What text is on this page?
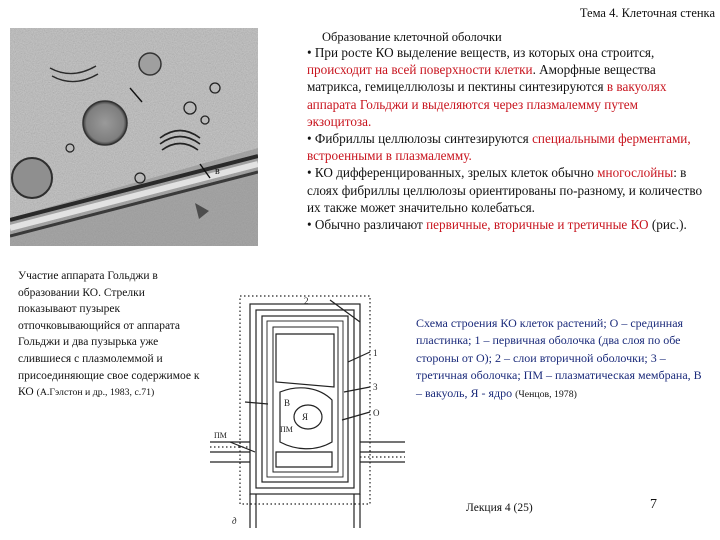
Тема 4. Клеточная стенка
Образование клеточной оболочки
в
Участие аппарата Гольджи в образовании КО. Стрелки показывают пузырек отпочковывающийся от аппарата Гольджи и два пузырька уже слившиеся с плазмолеммой и присоединяющие свое содержимое к КО (А.Гэлстон и др., 1983, с.71)

• При росте КО выделение веществ, из которых она строится, происходит на всей поверхности клетки. Аморфные вещества матрикса, гемицеллюлозы и пектины синтезируются в вакуолях аппарата Гольджи и выделяются через плазмалемму путем экзоцитоза.

• Фибриллы целлюлозы синтезируются специальными ферментами, встроенными в плазмалемму.

• КО дифференцированных, зрелых клеток обычно многослойны: в слоях фибриллы целлюлозы ориентированы по-разному, и количество их также может значительно колебаться.

• Обычно различают первичные, вторичные и третичные КО (рис.).

2
1
3
О
В
Я
ПМ
ПМ
д
Схема строения КО клеток растений; О – срединная пластинка; 1 – первичная оболочка (два слоя по обе стороны от О); 2 – слои вторичной оболочки; 3 – третичная оболочка; ПМ – плазматическая мембрана, В – вакуоль, Я - ядро (Ченцов, 1978)
Лекция 4 (25)	7
